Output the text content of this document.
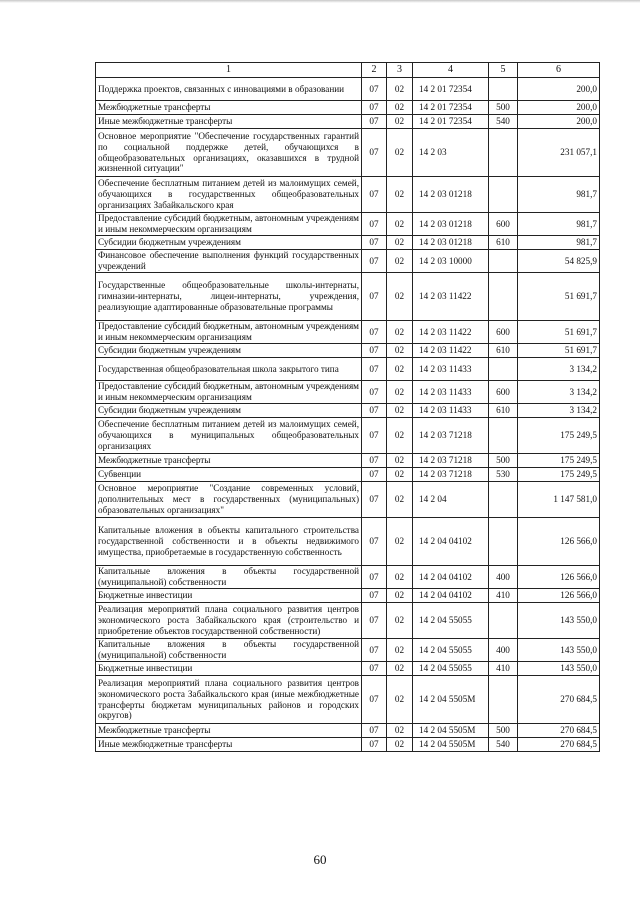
1	2	3	4	5	6
Поддержка проектов, связанных с инновациями в образовании	07	02	14 2 01 72354		200,0
Межбюджетные трансферты	07	02	14 2 01 72354	500	200,0
Иные межбюджетные трансферты	07	02	14 2 01 72354	540	200,0
Основное мероприятие "Обеспечение государственных гарантий по социальной поддержке детей, обучающихся в общеобразовательных организациях, оказавшихся в трудной жизненной ситуации"	07	02	14 2 03		231 057,1
Обеспечение бесплатным питанием детей из малоимущих семей, обучающихся в государственных общеобразовательных организациях Забайкальского края	07	02	14 2 03 01218		981,7
Предоставление субсидий бюджетным, автономным учреждениям и иным некоммерческим организациям	07	02	14 2 03 01218	600	981,7
Субсидии бюджетным учреждениям	07	02	14 2 03 01218	610	981,7
Финансовое обеспечение выполнения функций государственных учреждений	07	02	14 2 03 10000		54 825,9
Государственные общеобразовательные школы-интернаты, гимназии-интернаты, лицеи-интернаты, учреждения, реализующие адаптированные образовательные программы	07	02	14 2 03 11422		51 691,7
Предоставление субсидий бюджетным, автономным учреждениям и иным некоммерческим организациям	07	02	14 2 03 11422	600	51 691,7
Субсидии бюджетным учреждениям	07	02	14 2 03 11422	610	51 691,7
Государственная общеобразовательная школа закрытого типа	07	02	14 2 03 11433		3 134,2
Предоставление субсидий бюджетным, автономным учреждениям и иным некоммерческим организациям	07	02	14 2 03 11433	600	3 134,2
Субсидии бюджетным учреждениям	07	02	14 2 03 11433	610	3 134,2
Обеспечение бесплатным питанием детей из малоимущих семей, обучающихся в муниципальных общеобразовательных организациях	07	02	14 2 03 71218		175 249,5
Межбюджетные трансферты	07	02	14 2 03 71218	500	175 249,5
Субвенции	07	02	14 2 03 71218	530	175 249,5
Основное мероприятие "Создание современных условий, дополнительных мест в государственных (муниципальных) образовательных организациях"	07	02	14 2 04		1 147 581,0
Капитальные вложения в объекты капитального строительства государственной собственности и в объекты недвижимого имущества, приобретаемые в государственную собственность	07	02	14 2 04 04102		126 566,0
Капитальные вложения в объекты государственной (муниципальной) собственности	07	02	14 2 04 04102	400	126 566,0
Бюджетные инвестиции	07	02	14 2 04 04102	410	126 566,0
Реализация мероприятий плана социального развития центров экономического роста Забайкальского края (строительство и приобретение объектов государственной собственности)	07	02	14 2 04 55055		143 550,0
Капитальные вложения в объекты государственной (муниципальной) собственности	07	02	14 2 04 55055	400	143 550,0
Бюджетные инвестиции	07	02	14 2 04 55055	410	143 550,0
Реализация мероприятий плана социального развития центров экономического роста Забайкальского края (иные межбюджетные трансферты бюджетам муниципальных районов и городских округов)	07	02	14 2 04 5505M		270 684,5
Межбюджетные трансферты	07	02	14 2 04 5505M	500	270 684,5
Иные межбюджетные трансферты	07	02	14 2 04 5505M	540	270 684,5
60
